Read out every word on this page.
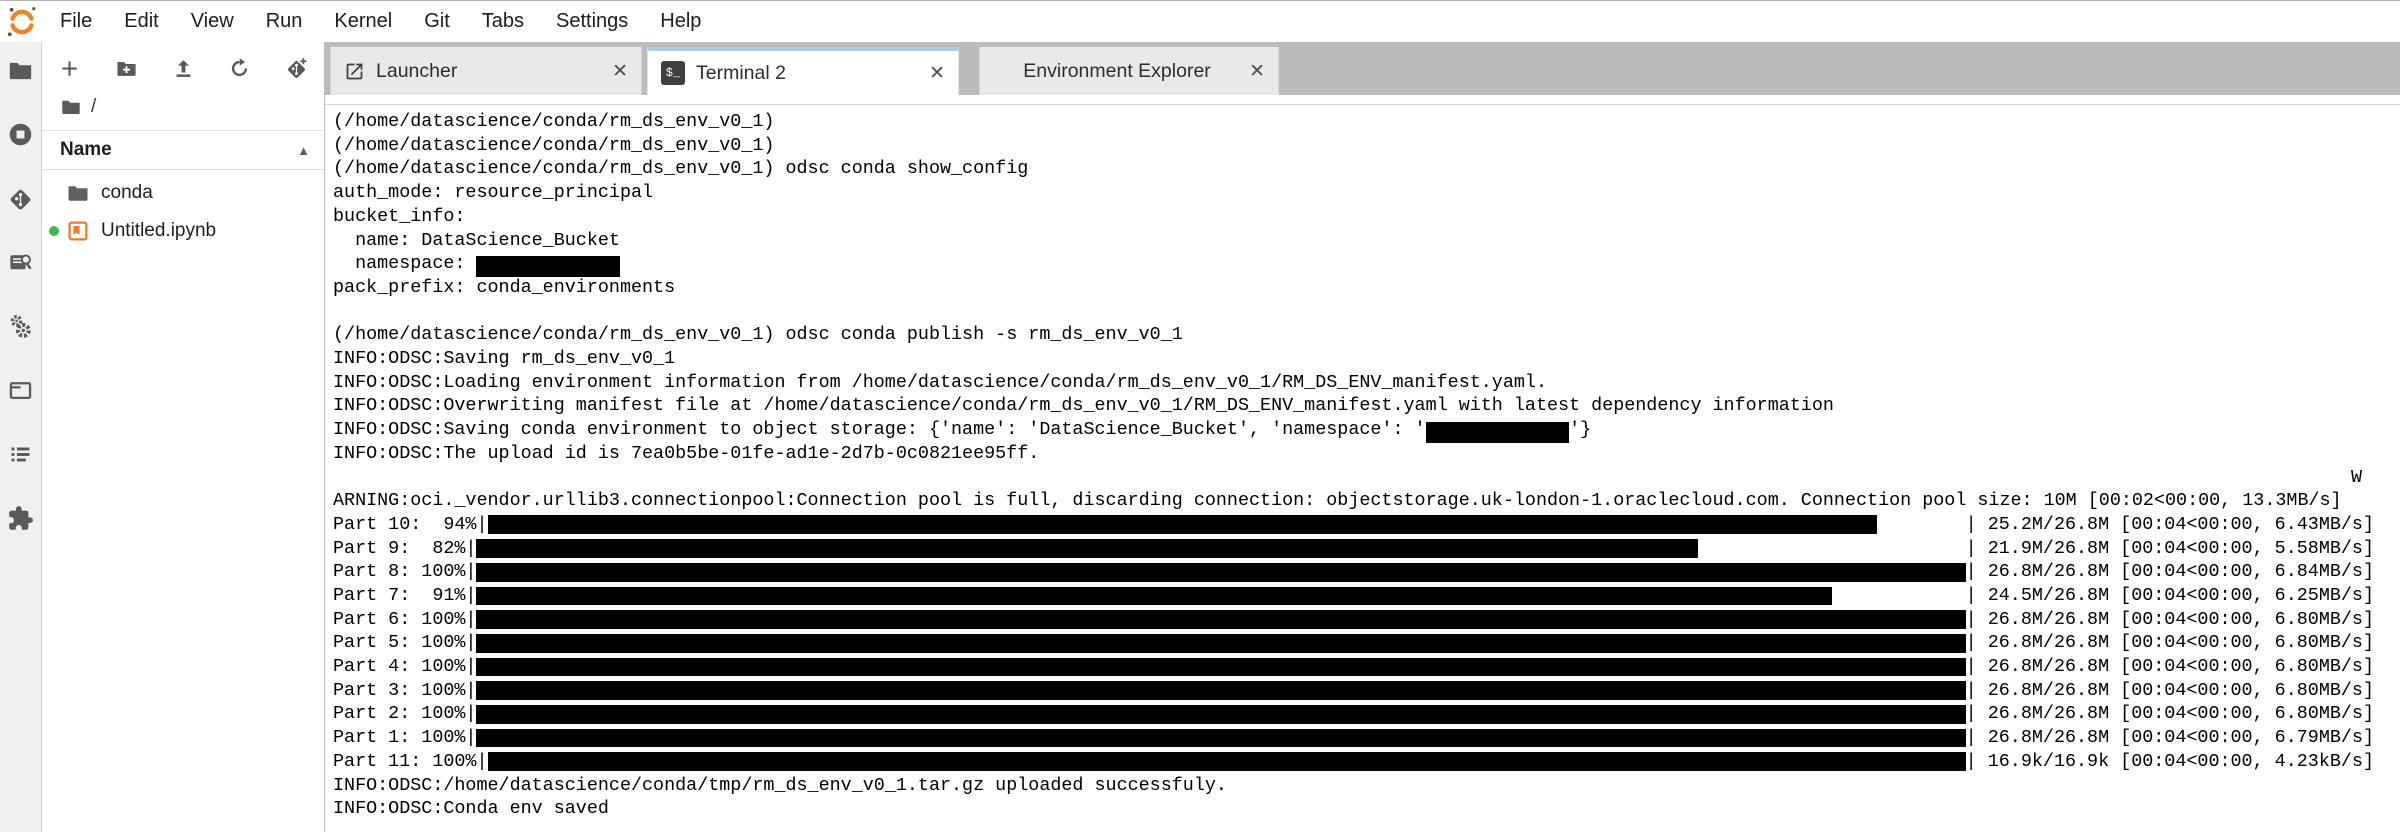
File	Edit	View	Run	Kernel	Git	Tabs	Settings	Help
/
Name	▲
conda
Untitled.ipynb
Launcher	✕	$_ Terminal 2	✕	Environment Explorer	✕
(/home/datascience/conda/rm_ds_env_v0_1)
(/home/datascience/conda/rm_ds_env_v0_1)
(/home/datascience/conda/rm_ds_env_v0_1) odsc conda show_config
auth_mode: resource_principal
bucket_info:
name: DataScience_Bucket
namespace:
pack_prefix: conda_environments

(/home/datascience/conda/rm_ds_env_v0_1) odsc conda publish -s rm_ds_env_v0_1
INFO:ODSC:Saving rm_ds_env_v0_1
INFO:ODSC:Loading environment information from /home/datascience/conda/rm_ds_env_v0_1/RM_DS_ENV_manifest.yaml.
INFO:ODSC:Overwriting manifest file at /home/datascience/conda/rm_ds_env_v0_1/RM_DS_ENV_manifest.yaml with latest dependency information
INFO:ODSC:Saving conda environment to object storage: {'name': 'DataScience_Bucket', 'namespace': '	'}
INFO:ODSC:The upload id is 7ea0b5be-01fe-ad1e-2d7b-0c0821ee95ff.
W
ARNING:oci._vendor.urllib3.connectionpool:Connection pool is full, discarding connection: objectstorage.uk-london-1.oraclecloud.com. Connection pool size: 10M [00:02<00:00, 13.3MB/s]
Part 10:  94%|	| 25.2M/26.8M [00:04<00:00, 6.43MB/s]
Part 9:  82%|	| 21.9M/26.8M [00:04<00:00, 5.58MB/s]
Part 8: 100%|	| 26.8M/26.8M [00:04<00:00, 6.84MB/s]
Part 7:  91%|	| 24.5M/26.8M [00:04<00:00, 6.25MB/s]
Part 6: 100%|	| 26.8M/26.8M [00:04<00:00, 6.80MB/s]
Part 5: 100%|	| 26.8M/26.8M [00:04<00:00, 6.80MB/s]
Part 4: 100%|	| 26.8M/26.8M [00:04<00:00, 6.80MB/s]
Part 3: 100%|	| 26.8M/26.8M [00:04<00:00, 6.80MB/s]
Part 2: 100%|	| 26.8M/26.8M [00:04<00:00, 6.80MB/s]
Part 1: 100%|	| 26.8M/26.8M [00:04<00:00, 6.79MB/s]
Part 11: 100%|	| 16.9k/16.9k [00:04<00:00, 4.23kB/s]
INFO:ODSC:/home/datascience/conda/tmp/rm_ds_env_v0_1.tar.gz uploaded successfuly.
INFO:ODSC:Conda env saved
